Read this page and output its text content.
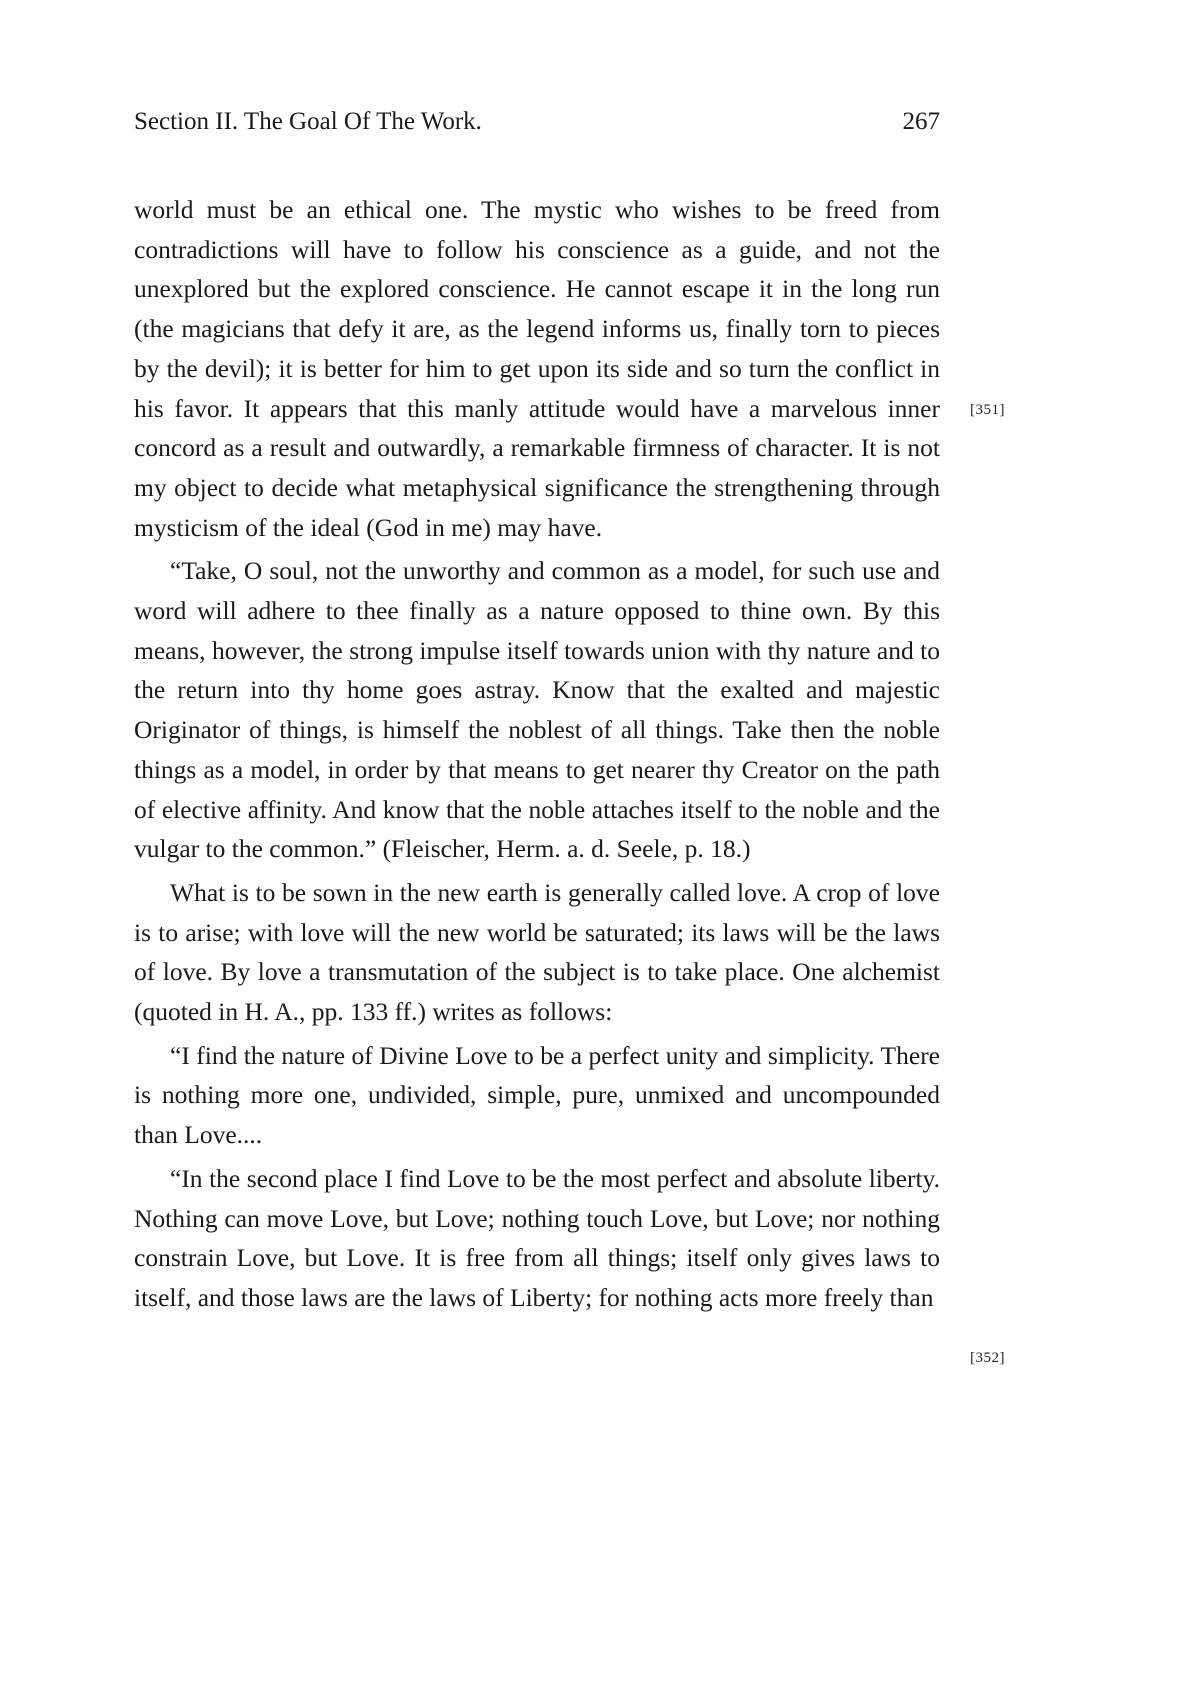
Section II. The Goal Of The Work.	267

world must be an ethical one. The mystic who wishes to be freed from contradictions will have to follow his conscience as a guide, and not the unexplored but the explored conscience. He cannot escape it in the long run (the magicians that defy it are, as the legend informs us, finally torn to pieces by the devil); it is better for him to get upon its side and so turn the conflict in his favor. It appears that this manly attitude would have a marvelous inner concord as a result and outwardly, a remarkable firmness of character. It is not my object to decide what metaphysical significance the strengthening through mysticism of the ideal (God in me) may have.

“Take, O soul, not the unworthy and common as a model, for such use and word will adhere to thee finally as a nature opposed to thine own. By this means, however, the strong impulse itself towards union with thy nature and to the return into thy home goes astray. Know that the exalted and majestic Originator of things, is himself the noblest of all things. Take then the noble things as a model, in order by that means to get nearer thy Creator on the path of elective affinity. And know that the noble attaches itself to the noble and the vulgar to the common.” (Fleischer, Herm. a. d. Seele, p. 18.)

What is to be sown in the new earth is generally called love. A crop of love is to arise; with love will the new world be saturated; its laws will be the laws of love. By love a transmutation of the subject is to take place. One alchemist (quoted in H. A., pp. 133 ff.) writes as follows:

“I find the nature of Divine Love to be a perfect unity and simplicity. There is nothing more one, undivided, simple, pure, unmixed and uncompounded than Love....

“In the second place I find Love to be the most perfect and absolute liberty. Nothing can move Love, but Love; nothing touch Love, but Love; nor nothing constrain Love, but Love. It is free from all things; itself only gives laws to itself, and those laws are the laws of Liberty; for nothing acts more freely than

[351]
[352]
